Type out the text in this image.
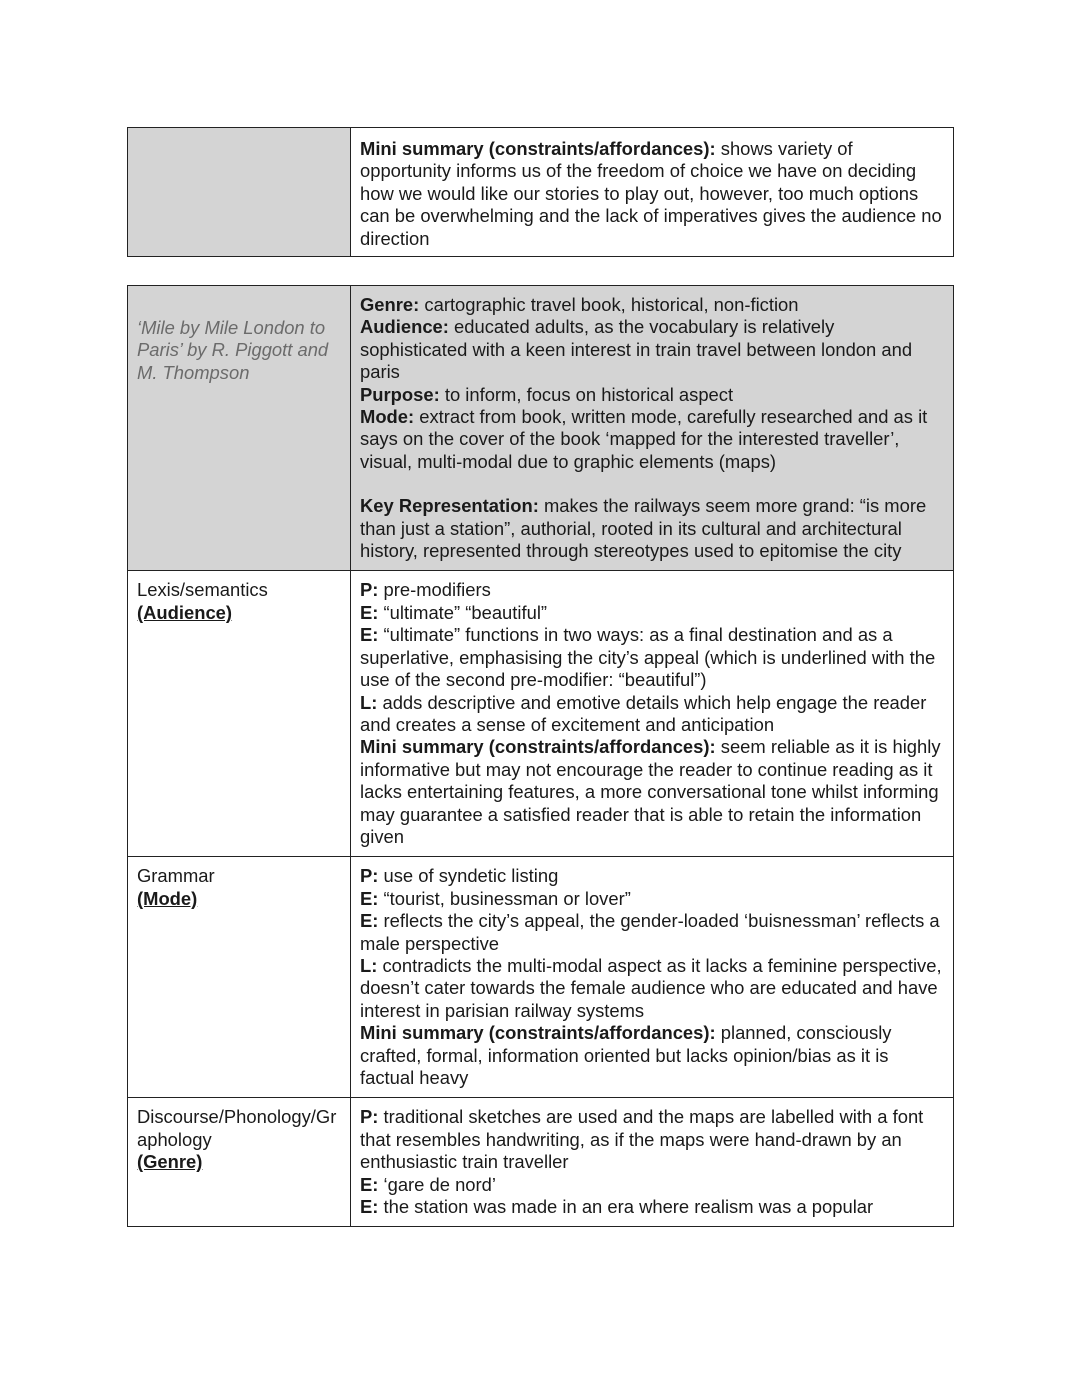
	Mini summary (constraints/affordances): shows variety of opportunity informs us of the freedom of choice we have on deciding how we would like our stories to play out, however, too much options can be overwhelming and the lack of imperatives gives the audience no direction
‘Mile by Mile London to Paris’ by R. Piggott and M. Thompson	Genre: cartographic travel book, historical, non-fiction
Audience: educated adults, as the vocabulary is relatively sophisticated with a keen interest in train travel between london and paris
Purpose: to inform, focus on historical aspect
Mode: extract from book, written mode, carefully researched and as it says on the cover of the book ‘mapped for the interested traveller’, visual, multi-modal due to graphic elements (maps)
Key Representation: makes the railways seem more grand: “is more than just a station”, authorial, rooted in its cultural and architectural history, represented through stereotypes used to epitomise the city

Lexis/semantics
(Audience)	P: pre-modifiers
E: “ultimate” “beautiful”
E: “ultimate” functions in two ways: as a final destination and as a superlative, emphasising the city’s appeal (which is underlined with the use of the second pre-modifier: “beautiful”)
L: adds descriptive and emotive details which help engage the reader and creates a sense of excitement and anticipation
Mini summary (constraints/affordances): seem reliable as it is highly informative but may not encourage the reader to continue reading as it lacks entertaining features, a more conversational tone whilst informing may guarantee a satisfied reader that is able to retain the information given

Grammar
(Mode)	P: use of syndetic listing
E: “tourist, businessman or lover”
E: reflects the city’s appeal, the gender-loaded ‘buisnessman’ reflects a male perspective
L: contradicts the multi-modal aspect as it lacks a feminine perspective, doesn’t cater towards the female audience who are educated and have interest in parisian railway systems
Mini summary (constraints/affordances): planned, consciously crafted, formal, information oriented but lacks opinion/bias as it is factual heavy

Discourse/Phonology/Graphology
(Genre)	P: traditional sketches are used and the maps are labelled with a font that resembles handwriting, as if the maps were hand-drawn by an enthusiastic train traveller
E: ‘gare de nord’
E: the station was made in an era where realism was a popular
